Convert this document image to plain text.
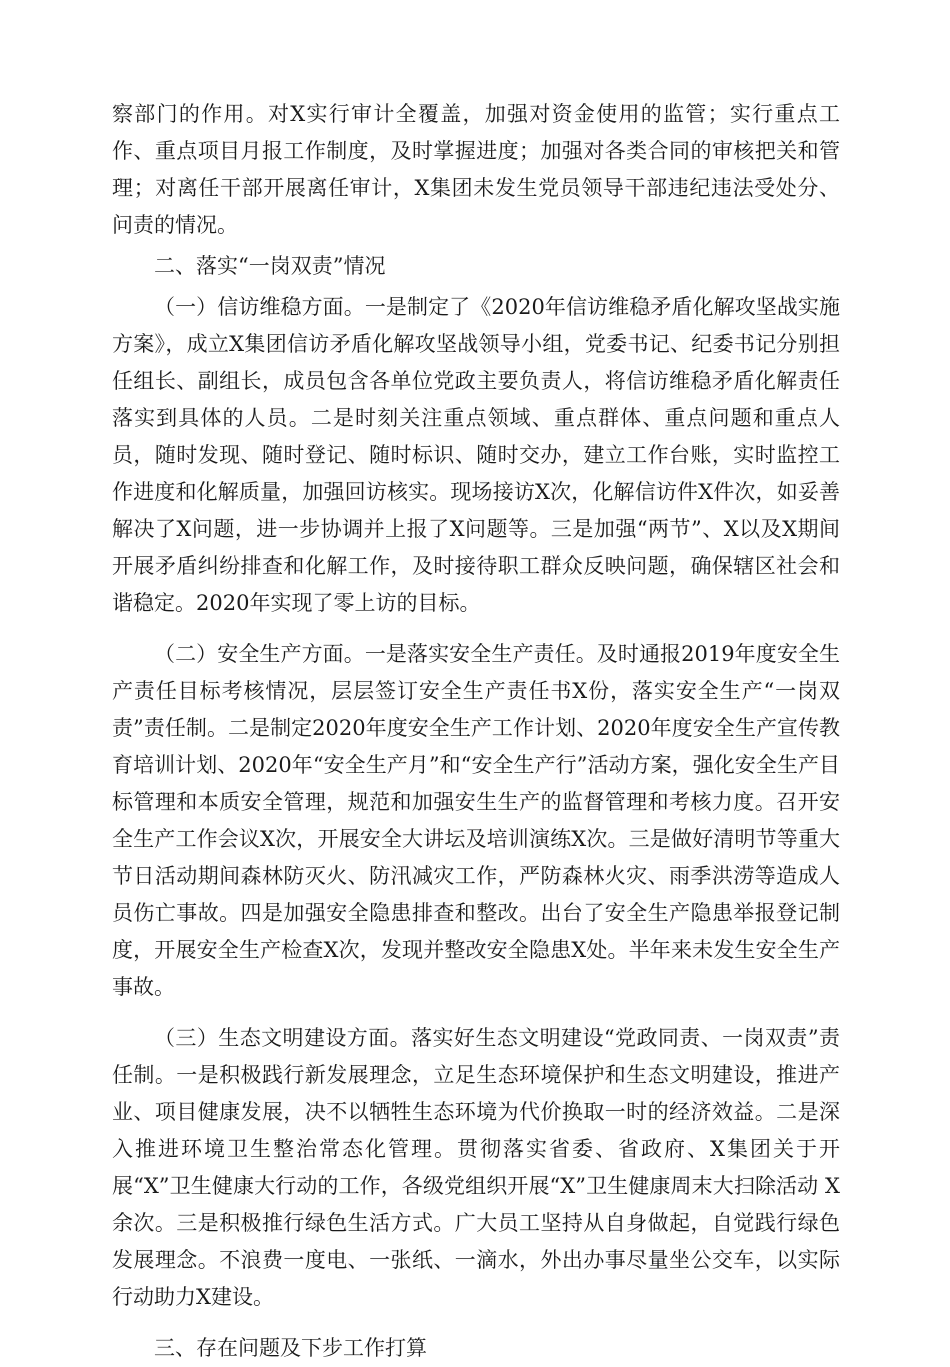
察部门的作用。对X实行审计全覆盖，加强对资金使用的监管；实行重点工作、重点项目月报工作制度，及时掌握进度；加强对各类合同的审核把关和管理；对离任干部开展离任审计，X集团未发生党员领导干部违纪违法受处分、问责的情况。

二、落实“一岗双责”情况

（一）信访维稳方面。一是制定了《2020年信访维稳矛盾化解攻坚战实施方案》，成立X集团信访矛盾化解攻坚战领导小组，党委书记、纪委书记分别担任组长、副组长，成员包含各单位党政主要负责人，将信访维稳矛盾化解责任落实到具体的人员。二是时刻关注重点领域、重点群体、重点问题和重点人员，随时发现、随时登记、随时标识、随时交办，建立工作台账，实时监控工作进度和化解质量，加强回访核实。现场接访X次，化解信访件X件次，如妥善解决了X问题，进一步协调并上报了X问题等。三是加强“两节”、X以及X期间开展矛盾纠纷排查和化解工作，及时接待职工群众反映问题，确保辖区社会和谐稳定。2020年实现了零上访的目标。

（二）安全生产方面。一是落实安全生产责任。及时通报2019年度安全生产责任目标考核情况，层层签订安全生产责任书X份，落实安全生产“一岗双责”责任制。二是制定2020年度安全生产工作计划、2020年度安全生产宣传教育培训计划、2020年“安全生产月”和“安全生产行”活动方案，强化安全生产目标管理和本质安全管理，规范和加强安生生产的监督管理和考核力度。召开安全生产工作会议X次，开展安全大讲坛及培训演练X次。三是做好清明节等重大节日活动期间森林防灭火、防汛减灾工作，严防森林火灾、雨季洪涝等造成人员伤亡事故。四是加强安全隐患排查和整改。出台了安全生产隐患举报登记制度，开展安全生产检查X次，发现并整改安全隐患X处。半年来未发生安全生产事故。

（三）生态文明建设方面。落实好生态文明建设“党政同责、一岗双责”责任制。一是积极践行新发展理念，立足生态环境保护和生态文明建设，推进产业、项目健康发展，决不以牺牲生态环境为代价换取一时的经济效益。二是深入推进环境卫生整治常态化管理。贯彻落实省委、省政府、X集团关于开展“X”卫生健康大行动的工作，各级党组织开展“X”卫生健康周末大扫除活动 X 余次。三是积极推行绿色生活方式。广大员工坚持从自身做起，自觉践行绿色发展理念。不浪费一度电、一张纸、一滴水，外出办事尽量坐公交车，以实际行动助力X建设。

三、存在问题及下步工作打算
